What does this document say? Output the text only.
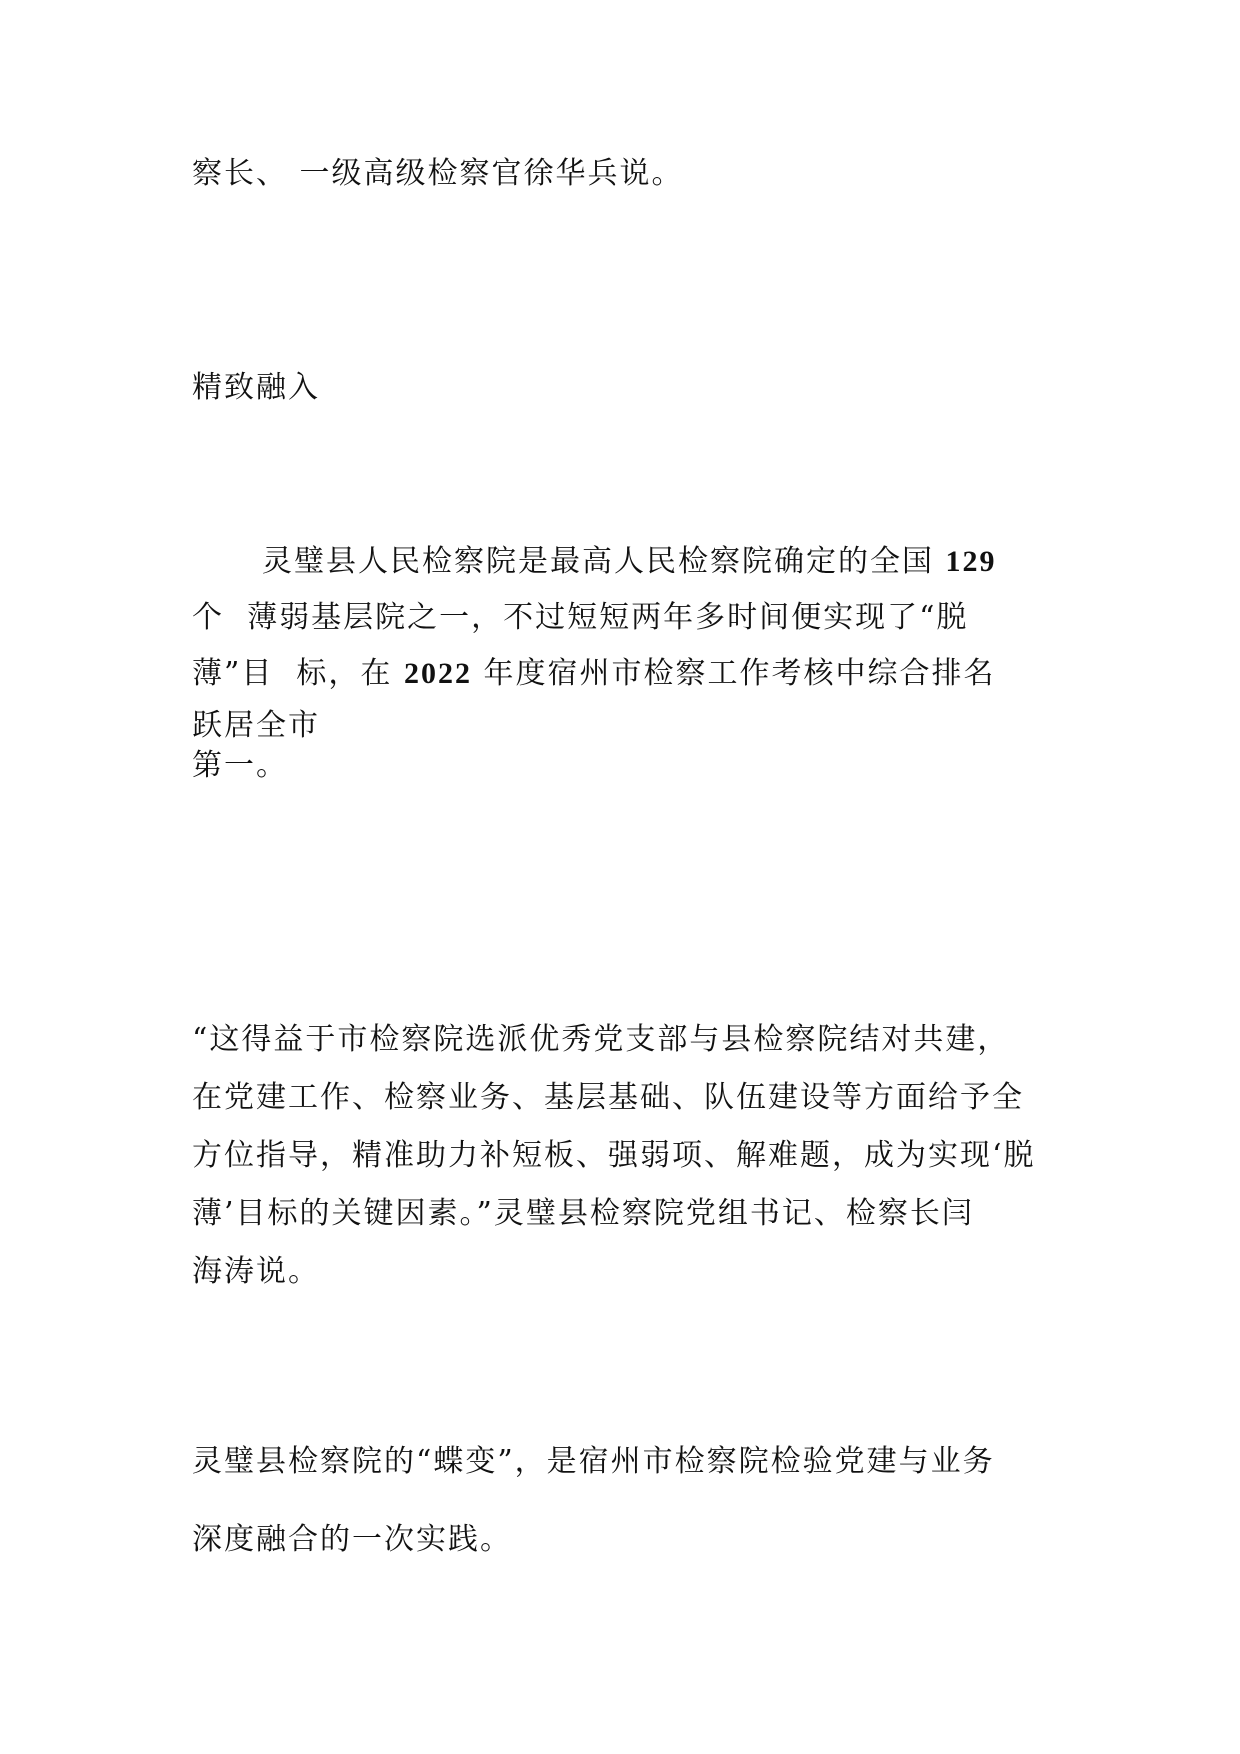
察长、 一级高级检察官徐华兵说。
精致融入
灵璧县人民检察院是最高人民检察院确定的全国 129
个  薄弱基层院之一，不过短短两年多时间便实现了“脱
薄”目  标，在 2022 年度宿州市检察工作考核中综合排名
跃居全市
第一。
“这得益于市检察院选派优秀党支部与县检察院结对共建，
在党建工作、检察业务、基层基础、队伍建设等方面给予全
方位指导，精准助力补短板、强弱项、解难题，成为实现‘脱
薄’目标的关键因素。”灵璧县检察院党组书记、检察长闫
海涛说。
灵璧县检察院的“蝶变”，是宿州市检察院检验党建与业务
深度融合的一次实践。
